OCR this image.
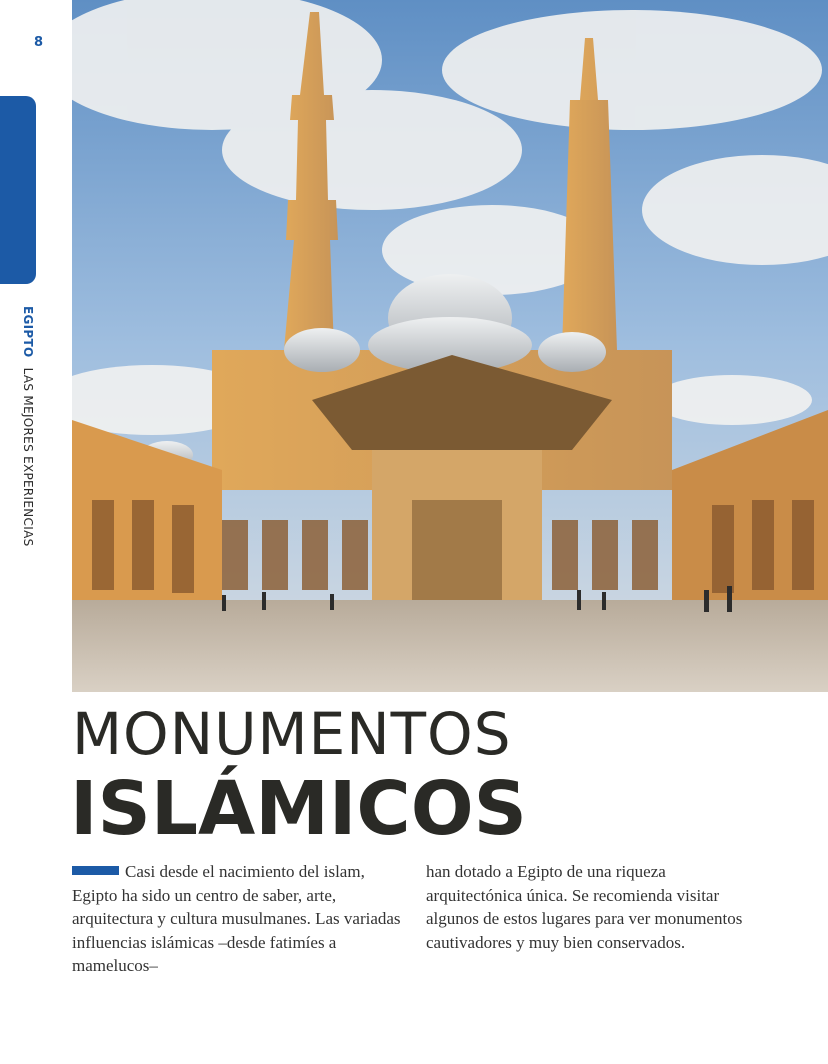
8
EGIPTO LAS MEJORES EXPERIENCIAS
MONUMENTOS
ISLÁMICOS
Casi desde el nacimiento del islam, Egipto ha sido un centro de saber, arte, arquitectura y cultura musulmanes. Las variadas influencias islámicas –desde fatimíes a mamelucos–
han dotado a Egipto de una riqueza arquitectónica única. Se recomienda visitar algunos de estos lugares para ver monumentos cautivadores y muy bien conservados.
